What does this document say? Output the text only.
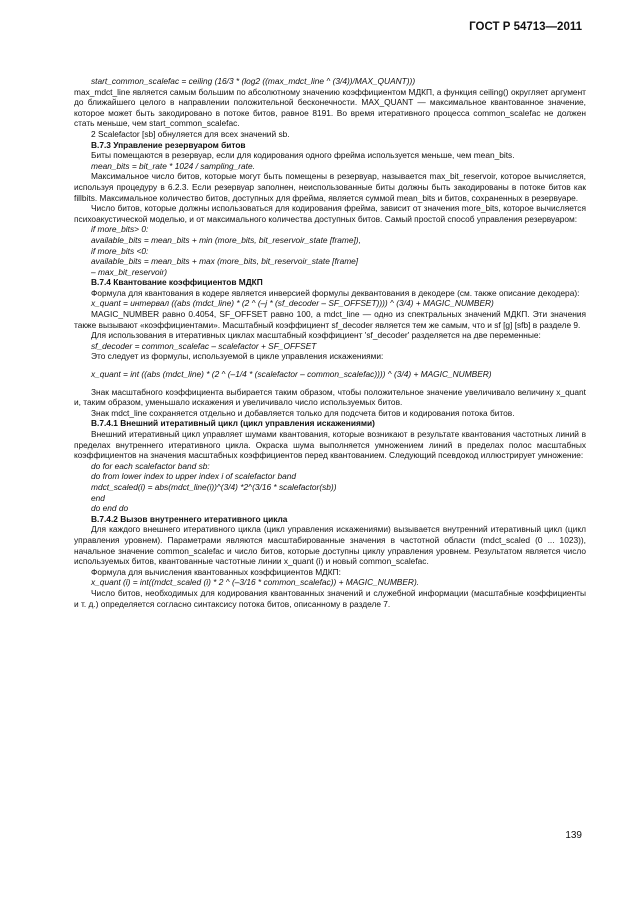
ГОСТ Р 54713—2011

start_common_scalefac = ceiling (16/3 * (log2 ((max_mdct_line ^ (3/4))/MAX_QUANT)))

max_mdct_line является самым большим по абсолютному значению коэффициентом МДКП, а функция ceiling() округляет аргумент до ближайшего целого в направлении положительной бесконечности. MAX_QUANT — максимальное квантованное значение, которое может быть закодировано в потоке битов, равное 8191. Во время итеративного процесса common_scalefac не должен стать меньше, чем start_common_scalefac.

2 Scalefactor [sb] обнуляется для всех значений sb.

В.7.3 Управление резервуаром битов

Биты помещаются в резервуар, если для кодирования одного фрейма используется меньше, чем mean_bits.

mean_bits = bit_rate * 1024 / sampling_rate.

Максимальное число битов, которые могут быть помещены в резервуар, называется max_bit_reservoir, которое вычисляется, используя процедуру в 6.2.3. Если резервуар заполнен, неиспользованные биты должны быть закодированы в потоке битов как fillbits. Максимальное количество битов, доступных для фрейма, является суммой mean_bits и битов, сохраненных в резервуаре.

Число битов, которые должны использоваться для кодирования фрейма, зависит от значения more_bits, которое вычисляется психоакустической моделью, и от максимального количества доступных битов. Самый простой способ управления резервуаром:

if more_bits> 0:

available_bits = mean_bits + min (more_bits, bit_reservoir_state [frame]),

if more_bits <0:

available_bits = mean_bits + max (more_bits, bit_reservoir_state [frame]

– max_bit_reservoir)

В.7.4 Квантование коэффициентов МДКП

Формула для квантования в кодере является инверсией формулы деквантования в декодере (см. также описание декодера):

x_quant = интервал ((abs (mdct_line) * (2 ^ (–j * (sf_decoder – SF_OFFSET)))) ^ (3/4) + MAGIC_NUMBER)

MAGIC_NUMBER равно 0.4054, SF_OFFSET равно 100, a mdct_line — одно из спектральных значений МДКП. Эти значения также вызывают «коэффициентами». Масштабный коэффициент sf_decoder является тем же самым, что и sf [g] [sfb] в разделе 9.

Для использования в итеративных циклах масштабный коэффициент 'sf_decoder' разделяется на две переменные:

sf_decoder = common_scalefac – scalefactor + SF_OFFSET

Это следует из формулы, используемой в цикле управления искажениями:

x_quant = int ((abs (mdct_line) * (2 ^ (–1/4 * (scalefactor – common_scalefac)))) ^ (3/4) + MAGIC_NUMBER)

Знак масштабного коэффициента выбирается таким образом, чтобы положительное значение увеличивало величину x_quant и, таким образом, уменьшало искажения и увеличивало число используемых битов.

Знак mdct_line сохраняется отдельно и добавляется только для подсчета битов и кодирования потока битов.

В.7.4.1 Внешний итеративный цикл (цикл управления искажениями)

Внешний итеративный цикл управляет шумами квантования, которые возникают в результате квантования частотных линий в пределах внутреннего итеративного цикла. Окраска шума выполняется умножением линий в пределах полос масштабных коэффициентов на значения масштабных коэффициентов перед квантованием. Следующий псевдокод иллюстрирует умножение:

do for each scalefactor band sb:

do from lower index to upper index i of scalefactor band

mdct_scaled(i) = abs(mdct_line(i))^(3/4) *2^(3/16 * scalefactor(sb))

end

do end do

В.7.4.2 Вызов внутреннего итеративного цикла

Для каждого внешнего итеративного цикла (цикл управления искажениями) вызывается внутренний итеративный цикл (цикл управления уровнем). Параметрами являются масштабированные значения в частотной области (mdct_scaled (0 ... 1023)), начальное значение common_scalefac и число битов, которые доступны циклу управления уровнем. Результатом является число используемых битов, квантованные частотные линии x_quant (i) и новый common_scalefac.

Формула для вычисления квантованных коэффициентов МДКП:

x_quant (i) = int((mdct_scaled (i) * 2 ^ (–3/16 * common_scalefac)) + MAGIC_NUMBER).

Число битов, необходимых для кодирования квантованных значений и служебной информации (масштабные коэффициенты и т. д.) определяется согласно синтаксису потока битов, описанному в разделе 7.

139
